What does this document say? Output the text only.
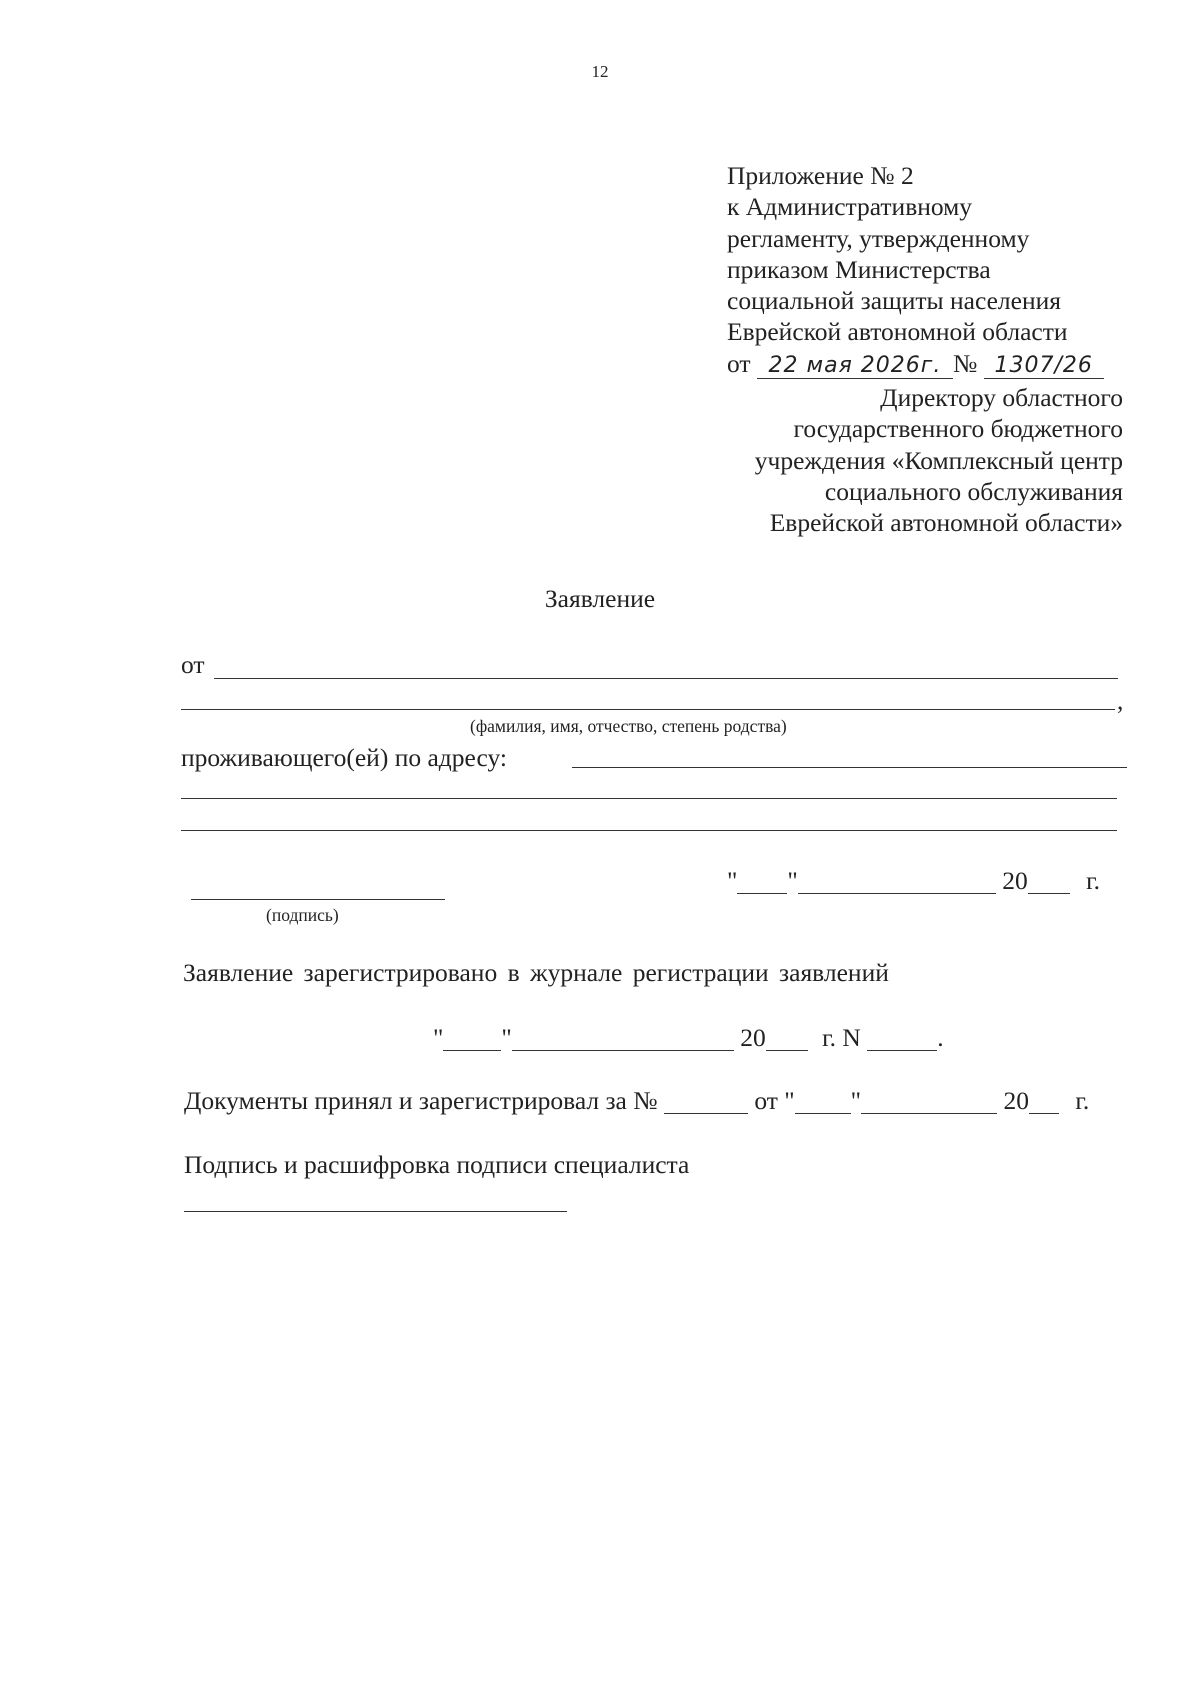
12
Приложение № 2
к Административному
регламенту, утвержденному
приказом Министерства
социальной защиты населения
Еврейской автономной области
от 22 мая 2026г. № 1307/26
Директору областного
государственного бюджетного
учреждения «Комплексный центр
социального обслуживания
Еврейской автономной области»
Заявление
от
,
(фамилия, имя, отчество, степень родства)
проживающего(ей) по адресу:
(подпись)
" "	20 г.
Заявление зарегистрировано в журнале регистрации заявлений
" "	20 г. N	.
Документы принял и зарегистрировал за №	от " "	20 г.
Подпись и расшифровка подписи специалиста
